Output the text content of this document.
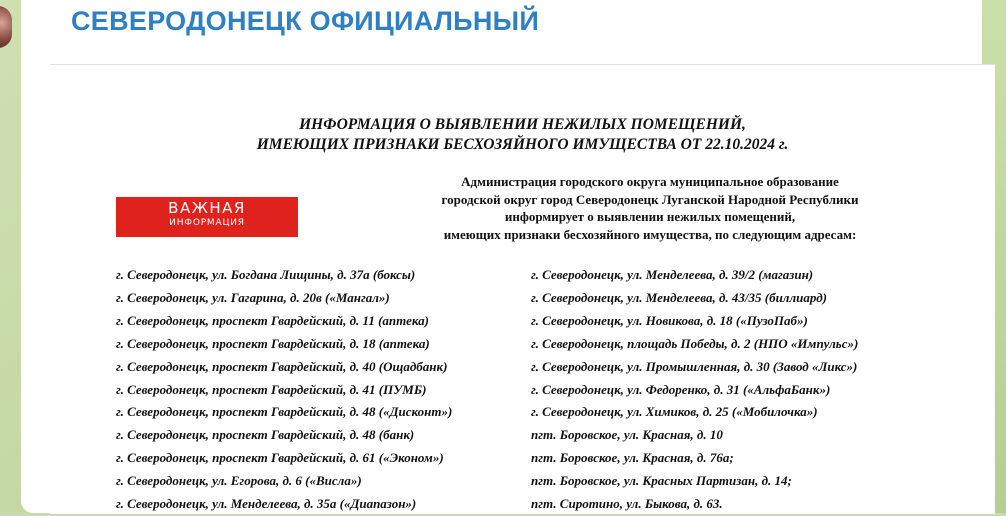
СЕВЕРОДОНЕЦК ОФИЦИАЛЬНЫЙ
ИНФОРМАЦИЯ О ВЫЯВЛЕНИИ НЕЖИЛЫХ ПОМЕЩЕНИЙ,
ИМЕЮЩИХ ПРИЗНАКИ БЕСХОЗЯЙНОГО ИМУЩЕСТВА ОТ 22.10.2024 г.
ВАЖНАЯ
ИНФОРМАЦИЯ
Администрация городского округа муниципальное образование
городской округ город Северодонецк Луганской Народной Республики
информирует о выявлении нежилых помещений,
имеющих признаки бесхозяйного имущества, по следующим адресам:
г. Северодонецк, ул. Богдана Лищины, д. 37а (боксы)
г. Северодонецк, ул. Гагарина, д. 20в («Мангал»)
г. Северодонецк, проспект Гвардейский, д. 11 (аптека)
г. Северодонецк, проспект Гвардейский, д. 18 (аптека)
г. Северодонецк, проспект Гвардейский, д. 40 (Ощадбанк)
г. Северодонецк, проспект Гвардейский, д. 41 (ПУМБ)
г. Северодонецк, проспект Гвардейский, д. 48 («Дисконт»)
г. Северодонецк, проспект Гвардейский, д. 48 (банк)
г. Северодонецк, проспект Гвардейский, д. 61 («Эконом»)
г. Северодонецк, ул. Егорова, д. 6 («Висла»)
г. Северодонецк, ул. Менделеева, д. 35а («Диапазон»)
г. Северодонецк, ул. Менделеева, д. 39/2 (магазин)
г. Северодонецк, ул. Менделеева, д. 43/35 (биллиард)
г. Северодонецк, ул. Новикова, д. 18 («ПузоПаб»)
г. Северодонецк, площадь Победы, д. 2 (НПО «Импульс»)
г. Северодонецк, ул. Промышленная, д. 30 (Завод «Ликс»)
г. Северодонецк, ул. Федоренко, д. 31 («АльфаБанк»)
г. Северодонецк, ул. Химиков, д. 25 («Мобилочка»)
пгт. Боровское, ул. Красная, д. 10
пгт. Боровское, ул. Красная, д. 76а;
пгт. Боровское, ул. Красных Партизан, д. 14;
пгт. Сиротино, ул. Быкова, д. 63.
